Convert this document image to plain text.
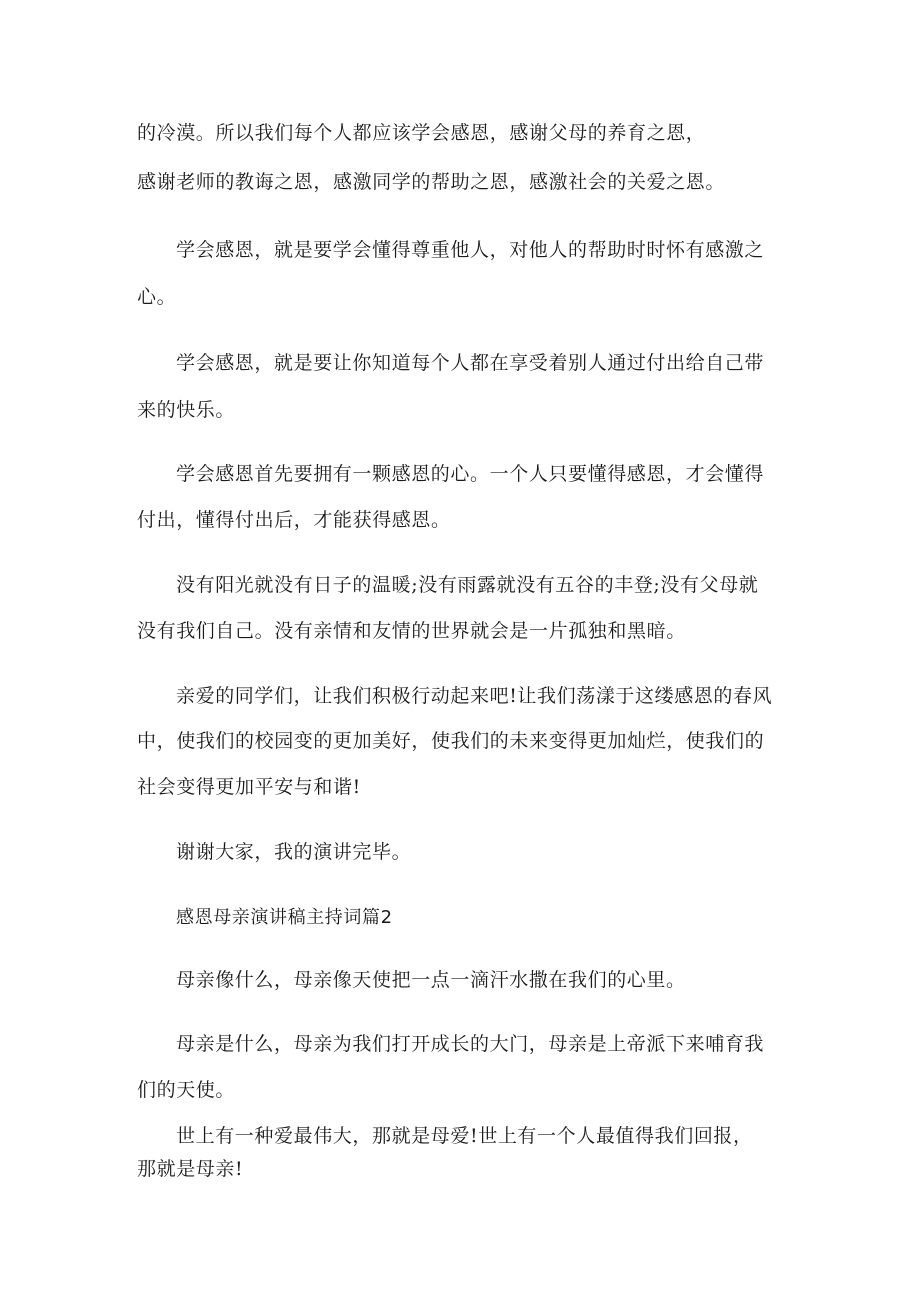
的冷漠。所以我们每个人都应该学会感恩，感谢父母的养育之恩，
感谢老师的教诲之恩，感激同学的帮助之恩，感激社会的关爱之恩。
学会感恩，就是要学会懂得尊重他人，对他人的帮助时时怀有感激之
心。
学会感恩，就是要让你知道每个人都在享受着别人通过付出给自己带
来的快乐。
学会感恩首先要拥有一颗感恩的心。一个人只要懂得感恩，才会懂得
付出，懂得付出后，才能获得感恩。
没有阳光就没有日子的温暖;没有雨露就没有五谷的丰登;没有父母就
没有我们自己。没有亲情和友情的世界就会是一片孤独和黑暗。
亲爱的同学们，让我们积极行动起来吧!让我们荡漾于这缕感恩的春风
中，使我们的校园变的更加美好，使我们的未来变得更加灿烂，使我们的
社会变得更加平安与和谐!
谢谢大家，我的演讲完毕。
感恩母亲演讲稿主持词篇2
母亲像什么，母亲像天使把一点一滴汗水撒在我们的心里。
母亲是什么，母亲为我们打开成长的大门，母亲是上帝派下来哺育我
们的天使。
世上有一种爱最伟大，那就是母爱!世上有一个人最值得我们回报，
那就是母亲!
